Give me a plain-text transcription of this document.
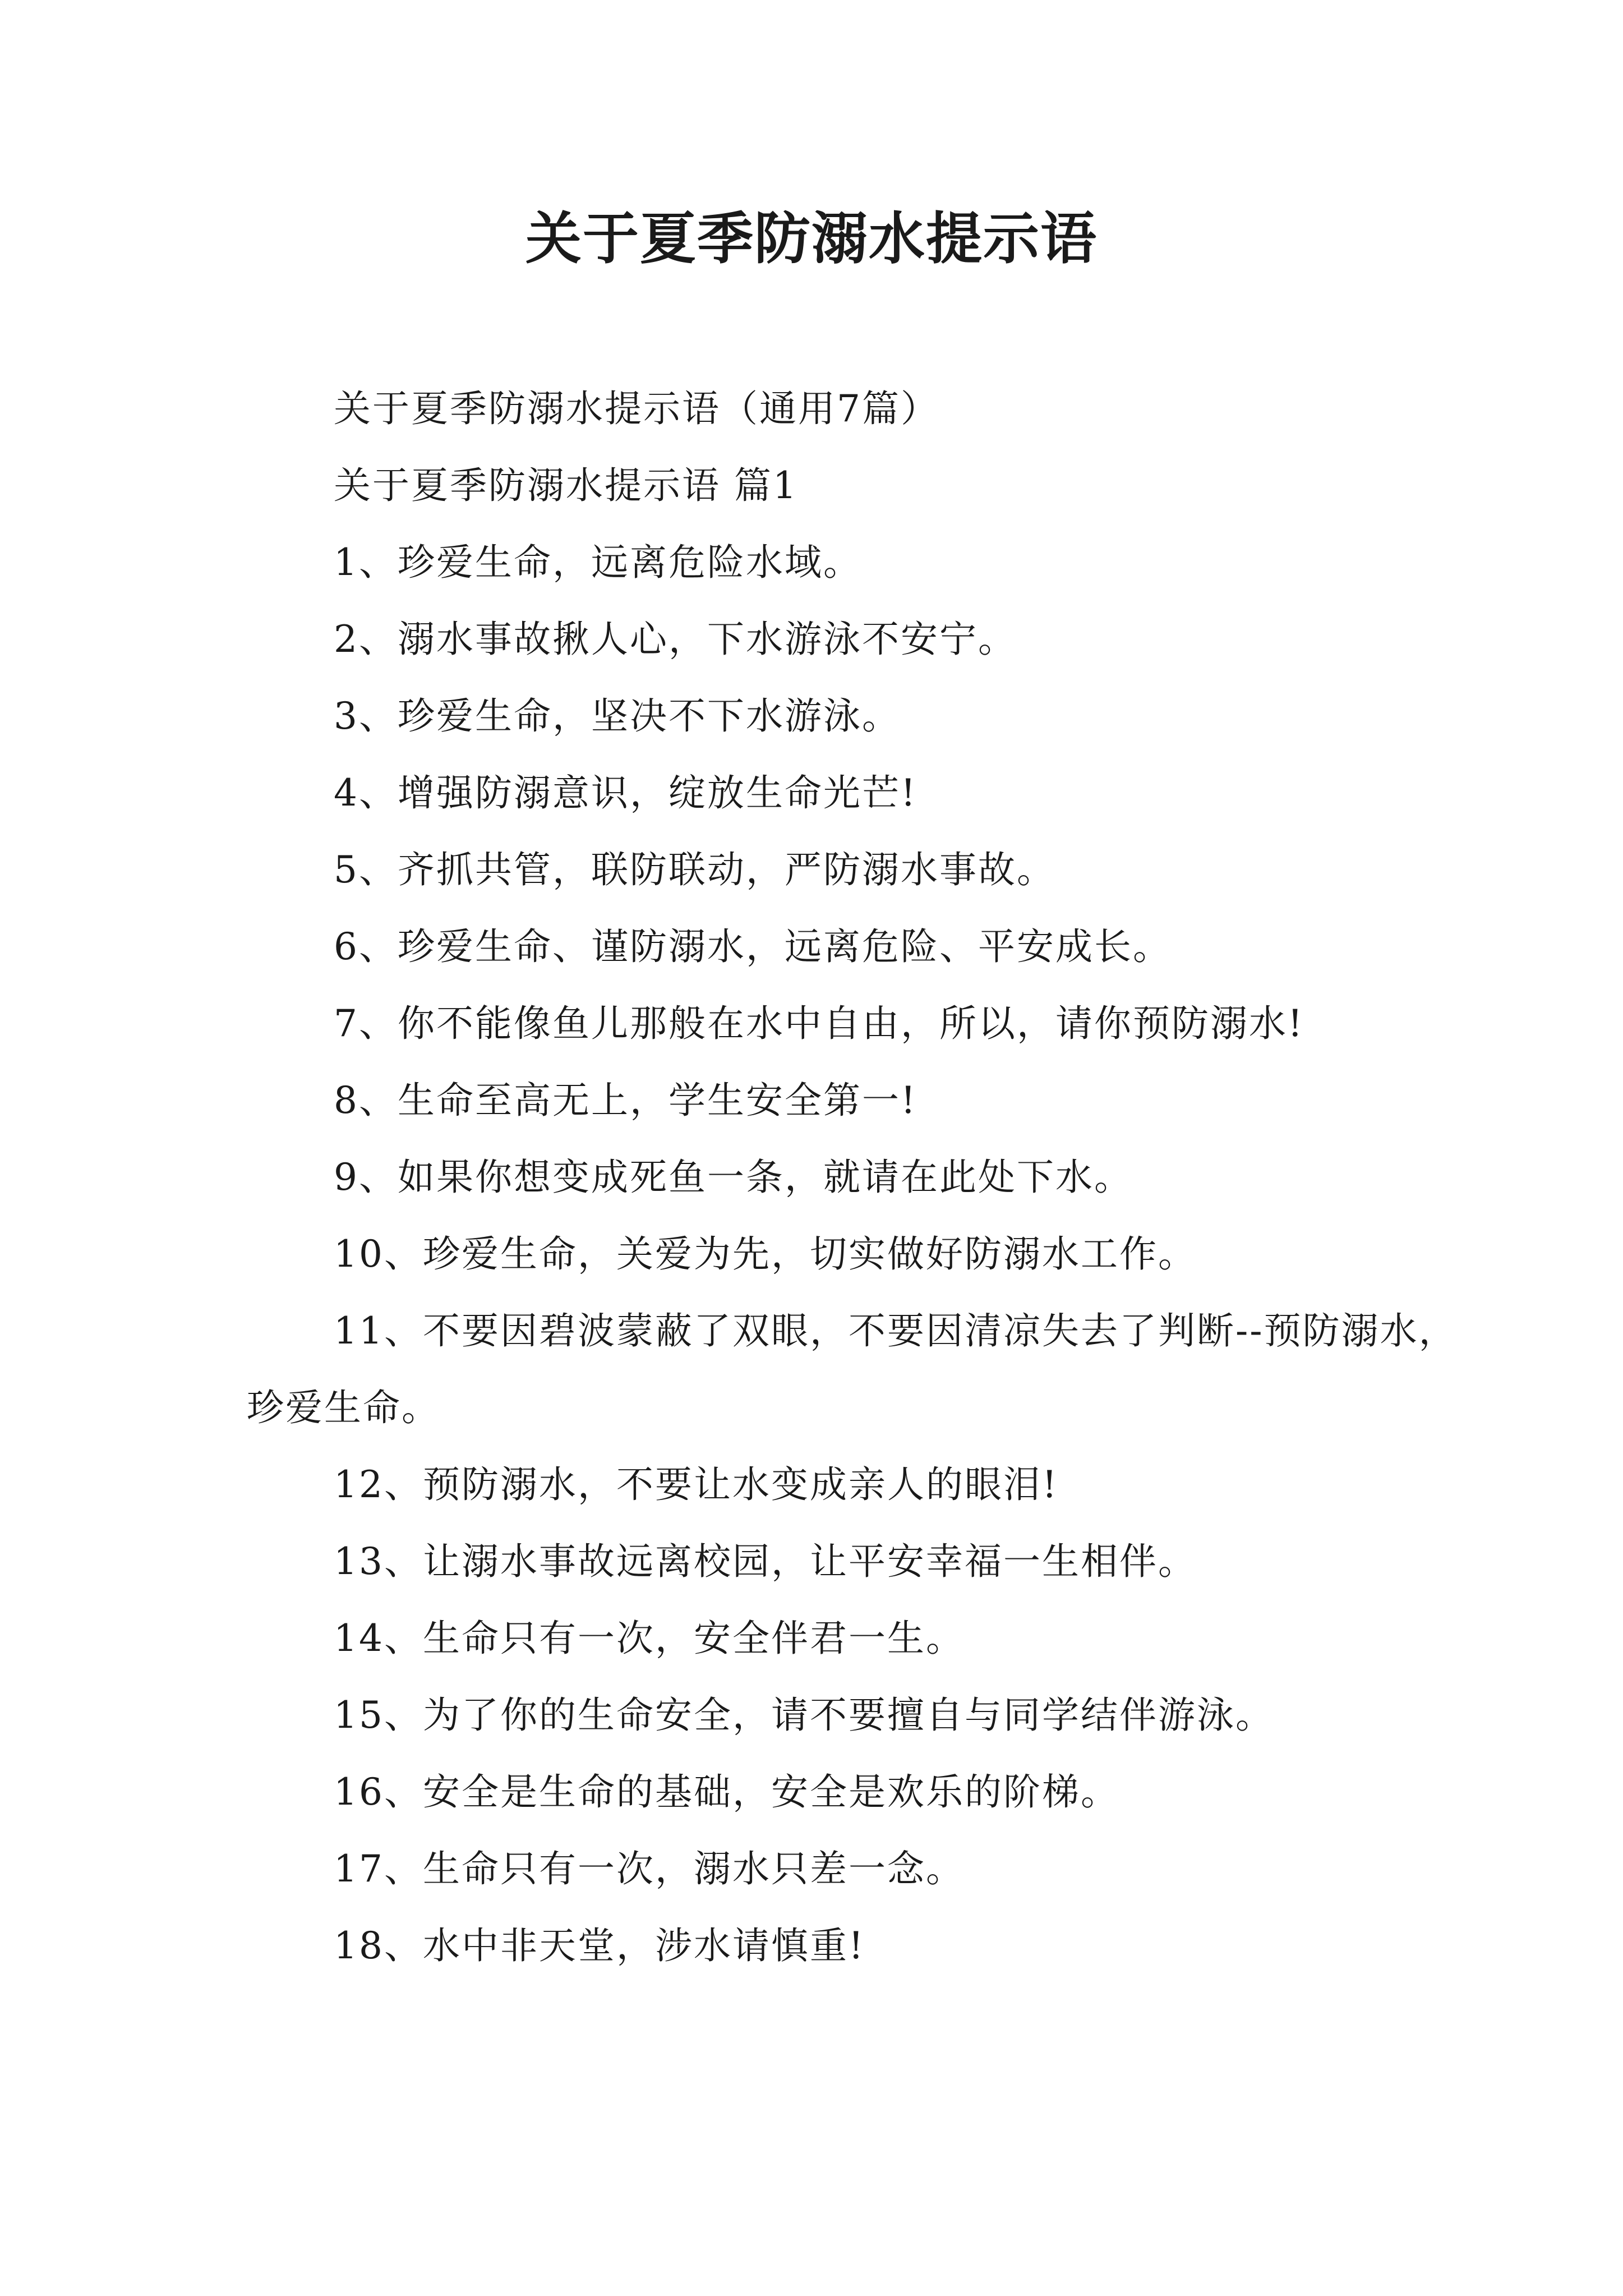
关于夏季防溺水提示语

关于夏季防溺水提示语（通用7篇）

关于夏季防溺水提示语 篇1

1、珍爱生命，远离危险水域。

2、溺水事故揪人心，下水游泳不安宁。

3、珍爱生命，坚决不下水游泳。

4、增强防溺意识，绽放生命光芒!

5、齐抓共管，联防联动，严防溺水事故。

6、珍爱生命、谨防溺水，远离危险、平安成长。

7、你不能像鱼儿那般在水中自由，所以，请你预防溺水!

8、生命至高无上，学生安全第一!

9、如果你想变成死鱼一条，就请在此处下水。

10、珍爱生命，关爱为先，切实做好防溺水工作。

11、不要因碧波蒙蔽了双眼，不要因清凉失去了判断--预防溺水，珍爱生命。

12、预防溺水，不要让水变成亲人的眼泪!

13、让溺水事故远离校园，让平安幸福一生相伴。

14、生命只有一次，安全伴君一生。

15、为了你的生命安全，请不要擅自与同学结伴游泳。

16、安全是生命的基础，安全是欢乐的阶梯。

17、生命只有一次，溺水只差一念。

18、水中非天堂，涉水请慎重!
